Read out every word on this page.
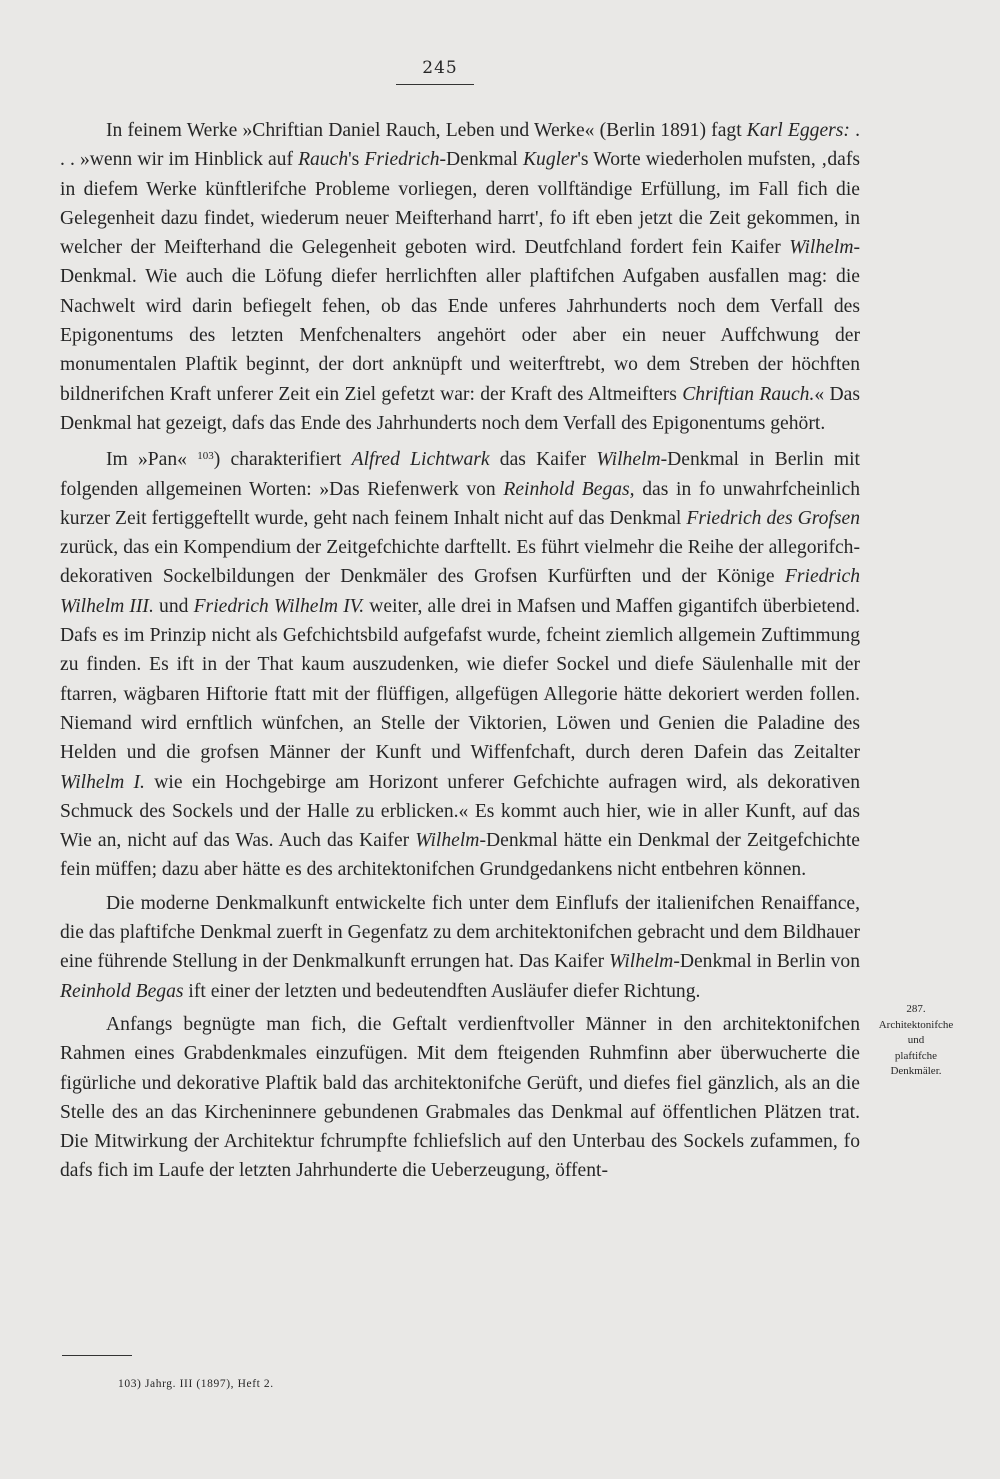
245

In feinem Werke »Chriftian Daniel Rauch, Leben und Werke« (Berlin 1891) fagt Karl Eggers: . . . »wenn wir im Hinblick auf Rauch's Friedrich-Denkmal Kugler's Worte wiederholen mufsten, ‚dafs in diefem Werke künftlerifche Probleme vorliegen, deren vollftändige Erfüllung, im Fall fich die Gelegenheit dazu findet, wiederum neuer Meifterhand harrt', fo ift eben jetzt die Zeit gekommen, in welcher der Meifterhand die Gelegenheit geboten wird. Deutfchland fordert fein Kaifer Wilhelm-Denkmal. Wie auch die Löfung diefer herrlichften aller plaftifchen Aufgaben ausfallen mag: die Nachwelt wird darin befiegelt fehen, ob das Ende unferes Jahrhunderts noch dem Verfall des Epigonentums des letzten Menfchenalters angehört oder aber ein neuer Auffchwung der monumentalen Plaftik beginnt, der dort anknüpft und weiterftrebt, wo dem Streben der höchften bildnerifchen Kraft unferer Zeit ein Ziel gefetzt war: der Kraft des Altmeifters Chriftian Rauch.« Das Denkmal hat gezeigt, dafs das Ende des Jahrhunderts noch dem Verfall des Epigonentums gehört.

Im »Pan« $^{103}$) charakterifiert Alfred Lichtwark das Kaifer Wilhelm-Denkmal in Berlin mit folgenden allgemeinen Worten: »Das Riefenwerk von Reinhold Begas, das in fo unwahrfcheinlich kurzer Zeit fertiggeftellt wurde, geht nach feinem Inhalt nicht auf das Denkmal Friedrich des Grofsen zurück, das ein Kompendium der Zeitgefchichte darftellt. Es führt vielmehr die Reihe der allegorifch-dekorativen Sockelbildungen der Denkmäler des Grofsen Kurfürften und der Könige Friedrich Wilhelm III. und Friedrich Wilhelm IV. weiter, alle drei in Mafsen und Maffen gigantifch überbietend. Dafs es im Prinzip nicht als Gefchichtsbild aufgefafst wurde, fcheint ziemlich allgemein Zuftimmung zu finden. Es ift in der That kaum auszudenken, wie diefer Sockel und diefe Säulenhalle mit der ftarren, wägbaren Hiftorie ftatt mit der flüffigen, allgefügen Allegorie hätte dekoriert werden follen. Niemand wird ernftlich wünfchen, an Stelle der Viktorien, Löwen und Genien die Paladine des Helden und die grofsen Männer der Kunft und Wiffenfchaft, durch deren Dafein das Zeitalter Wilhelm I. wie ein Hochgebirge am Horizont unferer Gefchichte aufragen wird, als dekorativen Schmuck des Sockels und der Halle zu erblicken.« Es kommt auch hier, wie in aller Kunft, auf das Wie an, nicht auf das Was. Auch das Kaifer Wilhelm-Denkmal hätte ein Denkmal der Zeitgefchichte fein müffen; dazu aber hätte es des architektonifchen Grundgedankens nicht entbehren können.

Die moderne Denkmalkunft entwickelte fich unter dem Einflufs der italienifchen Renaiffance, die das plaftifche Denkmal zuerft in Gegenfatz zu dem architektonifchen gebracht und dem Bildhauer eine führende Stellung in der Denkmalkunft errungen hat. Das Kaifer Wilhelm-Denkmal in Berlin von Reinhold Begas ift einer der letzten und bedeutendften Ausläufer diefer Richtung.

Anfangs begnügte man fich, die Geftalt verdienftvoller Männer in den architektonifchen Rahmen eines Grabdenkmales einzufügen. Mit dem fteigenden Ruhmfinn aber überwucherte die figürliche und dekorative Plaftik bald das architektonifche Gerüft, und diefes fiel gänzlich, als an die Stelle des an das Kircheninnere gebundenen Grabmales das Denkmal auf öffentlichen Plätzen trat. Die Mitwirkung der Architektur fchrumpfte fchliefslich auf den Unterbau des Sockels zufammen, fo dafs fich im Laufe der letzten Jahrhunderte die Ueberzeugung, öffent-

287.
Architektonifche
und
plaftifche
Denkmäler.
103) Jahrg. III (1897), Heft 2.
